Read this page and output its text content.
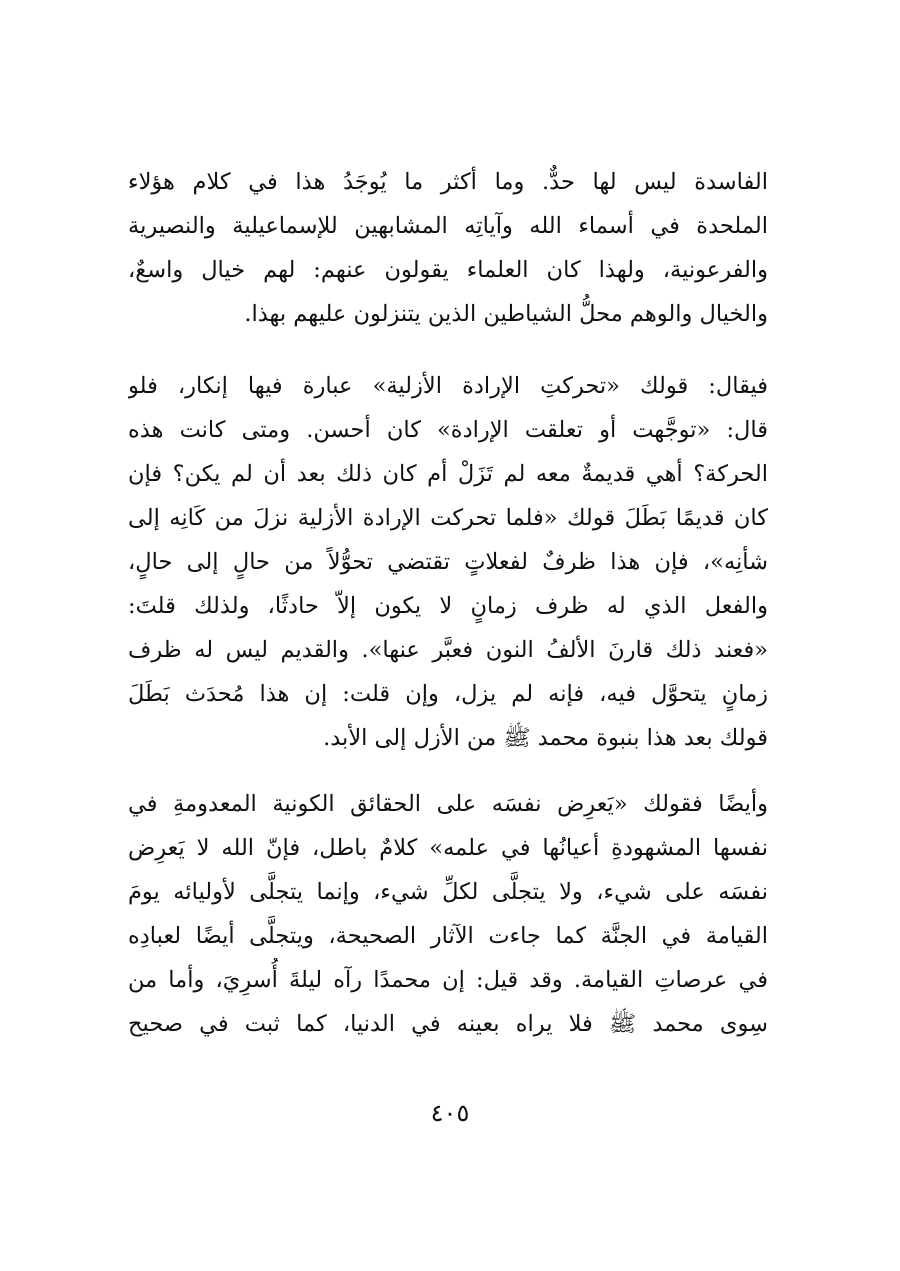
الفاسدة ليس لها حدٌّ. وما أكثر ما يُوجَدُ هذا في كلام هؤلاء
الملحدة في أسماء الله وآياتِه المشابهين للإسماعيلية والنصيرية
والفرعونية، ولهذا كان العلماء يقولون عنهم: لهم خيال واسعٌ،
والخيال والوهم محلُّ الشياطين الذين يتنزلون عليهم بهذا.
فيقال: قولك «تحركتِ الإرادة الأزلية» عبارة فيها إنكار، فلو
قال: «توجَّهت أو تعلقت الإرادة» كان أحسن. ومتى كانت هذه
الحركة؟ أهي قديمةٌ معه لم تَزَلْ أم كان ذلك بعد أن لم يكن؟ فإن
كان قديمًا بَطَلَ قولك «فلما تحركت الإرادة الأزلية نزلَ من كَانِه إلى
شأنِه»، فإن هذا ظرفٌ لفعلاتٍ تقتضي تحوُّلاً من حالٍ إلى حالٍ،
والفعل الذي له ظرف زمانٍ لا يكون إلاّ حادثًا، ولذلك قلتَ:
«فعند ذلك قارنَ الألفُ النون فعبَّر عنها». والقديم ليس له ظرف
زمانٍ يتحوَّل فيه، فإنه لم يزل، وإن قلت: إن هذا مُحدَث بَطَلَ
قولك بعد هذا بنبوة محمد ﷺ من الأزل إلى الأبد.
وأيضًا فقولك «يَعرِض نفسَه على الحقائق الكونية المعدومةِ في
نفسها المشهودةِ أعيانُها في علمه» كلامٌ باطل، فإنّ الله لا يَعرِض
نفسَه على شيء، ولا يتجلَّى لكلِّ شيء، وإنما يتجلَّى لأوليائه يومَ
القيامة في الجنَّة كما جاءت الآثار الصحيحة، ويتجلَّى أيضًا لعبادِه
في عرصاتِ القيامة. وقد قيل: إن محمدًا رآه ليلةَ أُسرِيَ، وأما من
سِوى محمد ﷺ فلا يراه بعينه في الدنيا، كما ثبت في صحيح
٤٠٥
